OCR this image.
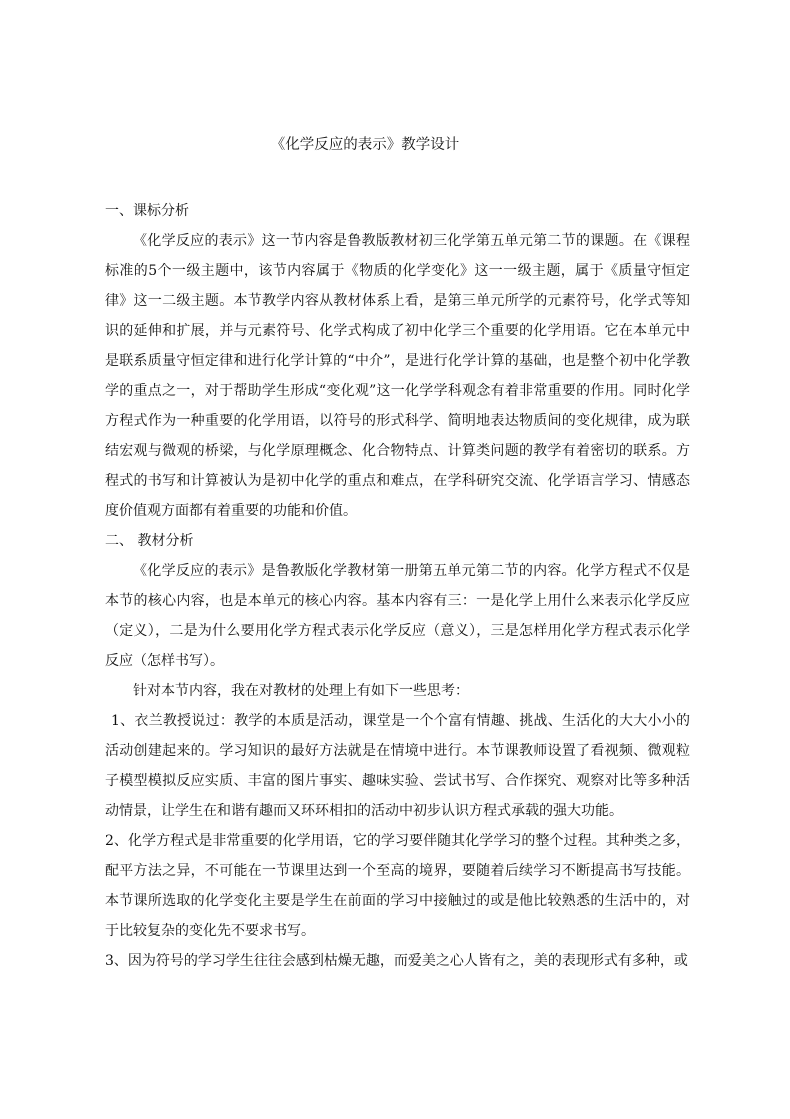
《化学反应的表示》教学设计

一、课标分析

《化学反应的表示》这一节内容是鲁教版教材初三化学第五单元第二节的课题。在《课程标准的5个一级主题中，该节内容属于《物质的化学变化》这一一级主题，属于《质量守恒定律》这一二级主题。本节教学内容从教材体系上看，是第三单元所学的元素符号，化学式等知识的延伸和扩展，并与元素符号、化学式构成了初中化学三个重要的化学用语。它在本单元中是联系质量守恒定律和进行化学计算的“中介”，是进行化学计算的基础，也是整个初中化学教学的重点之一，对于帮助学生形成“变化观”这一化学学科观念有着非常重要的作用。同时化学方程式作为一种重要的化学用语，以符号的形式科学、简明地表达物质间的变化规律，成为联结宏观与微观的桥梁，与化学原理概念、化合物特点、计算类问题的教学有着密切的联系。方程式的书写和计算被认为是初中化学的重点和难点，在学科研究交流、化学语言学习、情感态度价值观方面都有着重要的功能和价值。

二、 教材分析

《化学反应的表示》是鲁教版化学教材第一册第五单元第二节的内容。化学方程式不仅是本节的核心内容，也是本单元的核心内容。基本内容有三：一是化学上用什么来表示化学反应（定义），二是为什么要用化学方程式表示化学反应（意义），三是怎样用化学方程式表示化学反应（怎样书写）。

针对本节内容，我在对教材的处理上有如下一些思考：

1、衣兰教授说过：教学的本质是活动，课堂是一个个富有情趣、挑战、生活化的大大小小的活动创建起来的。学习知识的最好方法就是在情境中进行。本节课教师设置了看视频、微观粒子模型模拟反应实质、丰富的图片事实、趣味实验、尝试书写、合作探究、观察对比等多种活动情景，让学生在和谐有趣而又环环相扣的活动中初步认识方程式承载的强大功能。

2、化学方程式是非常重要的化学用语，它的学习要伴随其化学学习的整个过程。其种类之多，配平方法之异，不可能在一节课里达到一个至高的境界，要随着后续学习不断提高书写技能。本节课所选取的化学变化主要是学生在前面的学习中接触过的或是他比较熟悉的生活中的，对于比较复杂的变化先不要求书写。

3、因为符号的学习学生往往会感到枯燥无趣，而爱美之心人皆有之，美的表现形式有多种，或
